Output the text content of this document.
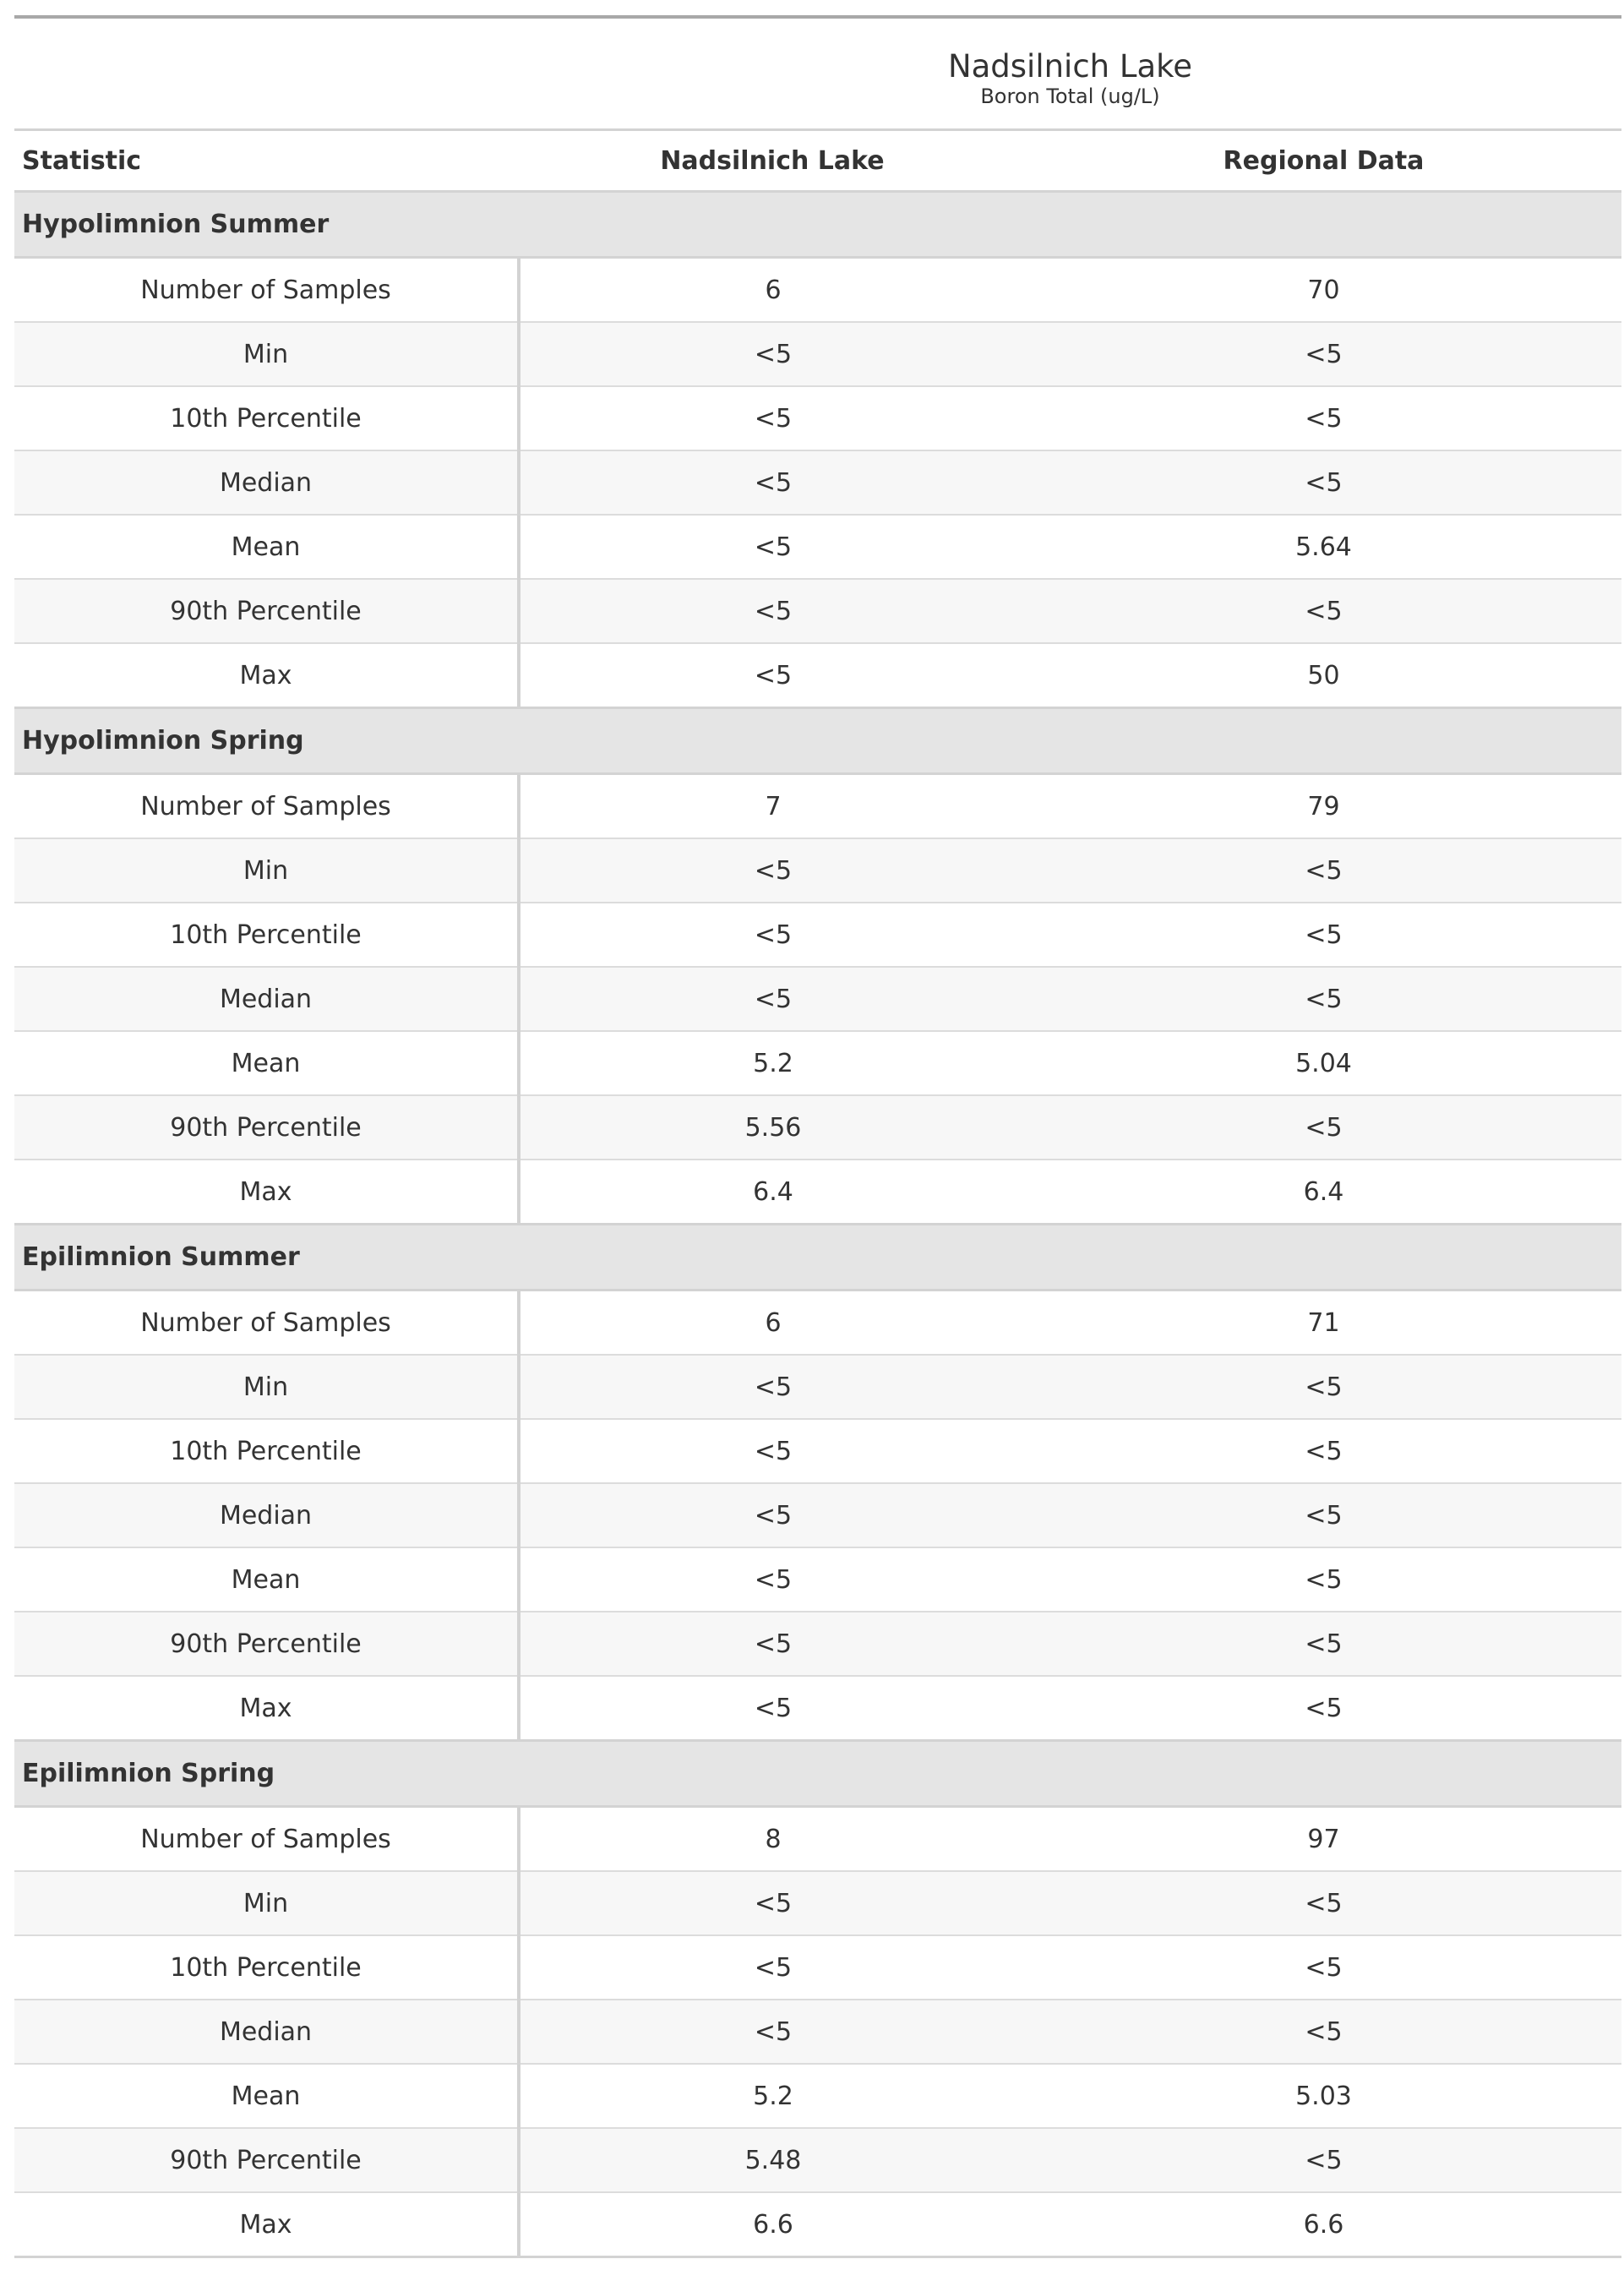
	Nadsilnich Lake	
	Boron Total (ug/L)	
Statistic	Nadsilnich Lake	Regional Data
Hypolimnion Summer		
Number of Samples	6	70
Min	<5	<5
10th Percentile	<5	<5
Median	<5	<5
Mean	<5	5.64
90th Percentile	<5	<5
Max	<5	50
Hypolimnion Spring		
Number of Samples	7	79
Min	<5	<5
10th Percentile	<5	<5
Median	<5	<5
Mean	5.2	5.04
90th Percentile	5.56	<5
Max	6.4	6.4
Epilimnion Summer		
Number of Samples	6	71
Min	<5	<5
10th Percentile	<5	<5
Median	<5	<5
Mean	<5	<5
90th Percentile	<5	<5
Max	<5	<5
Epilimnion Spring		
Number of Samples	8	97
Min	<5	<5
10th Percentile	<5	<5
Median	<5	<5
Mean	5.2	5.03
90th Percentile	5.48	<5
Max	6.6	6.6
